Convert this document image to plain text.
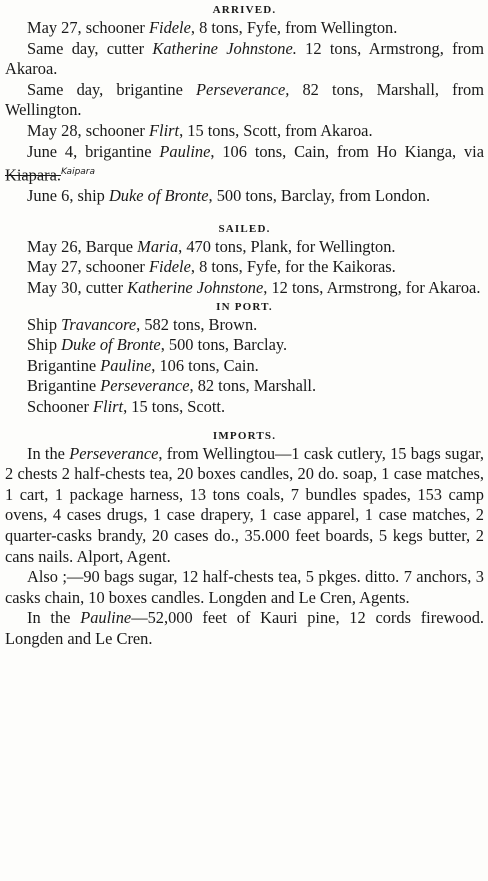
ARRIVED.

May 27, schooner Fidele, 8 tons, Fyfe, from Wellington.

Same day, cutter Katherine Johnstone. 12 tons, Armstrong, from Akaroa.

Same day, brigantine Perseverance, 82 tons, Marshall, from Wellington.

May 28, schooner Flirt, 15 tons, Scott, from Akaroa.

June 4, brigantine Pauline, 106 tons, Cain, from Ho Kianga, via Kiapara.$^{Kaipara}$

June 6, ship Duke of Bronte, 500 tons, Barclay, from London.

SAILED.

May 26, Barque Maria, 470 tons, Plank, for Wellington.

May 27, schooner Fidele, 8 tons, Fyfe, for the Kaikoras.

May 30, cutter Katherine Johnstone, 12 tons, Armstrong, for Akaroa.

IN PORT.
Ship Travancore, 582 tons, Brown.
Ship Duke of Bronte, 500 tons, Barclay.
Brigantine Pauline, 106 tons, Cain.
Brigantine Perseverance, 82 tons, Marshall.
Schooner Flirt, 15 tons, Scott.
IMPORTS.

In the Perseverance, from Wellingtou—1 cask cutlery, 15 bags sugar, 2 chests 2 half-chests tea, 20 boxes candles, 20 do. soap, 1 case matches, 1 cart, 1 package harness, 13 tons coals, 7 bundles spades, 153 camp ovens, 4 cases drugs, 1 case drapery, 1 case apparel, 1 case matches, 2 quarter-casks brandy, 20 cases do., 35.000 feet boards, 5 kegs butter, 2 cans nails. Alport, Agent.

Also ;—90 bags sugar, 12 half-chests tea, 5 pkges. ditto. 7 anchors, 3 casks chain, 10 boxes candles. Longden and Le Cren, Agents.

In the Pauline—52,000 feet of Kauri pine, 12 cords firewood. Longden and Le Cren.
